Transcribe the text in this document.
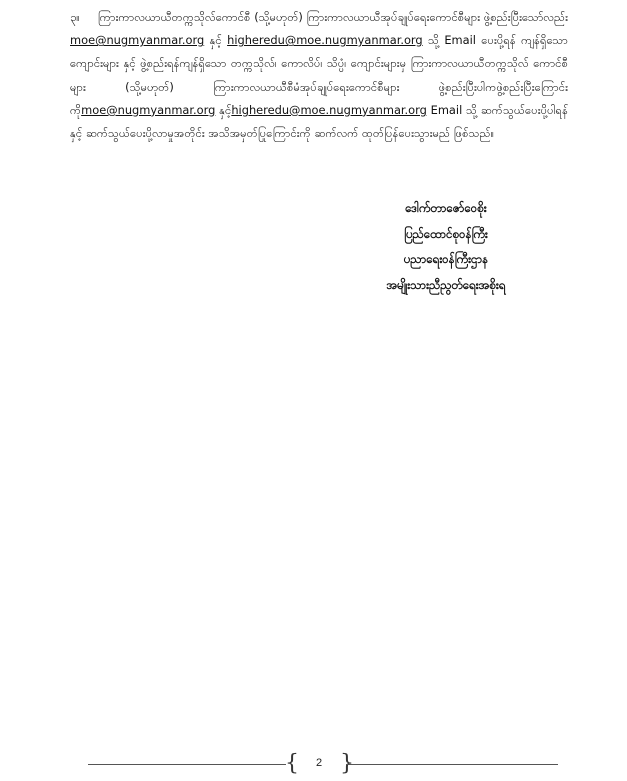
၃။ ကြားကာလယာယီတက္ကသိုလ်ကောင်စီ (သို့မဟုတ်) ကြားကာလယာယီအုပ်ချုပ်ရေးကောင်စီများ ဖွဲ့စည်းပြီးသော်လည်း moe@nugmyanmar.org နှင့် higheredu@moe.nugmyanmar.org သို့ Email ပေးပို့ရန် ကျန်ရှိသောကျောင်းများ နှင့် ဖွဲ့စည်းရန်ကျန်ရှိသော တက္ကသိုလ်၊ ကောလိပ်၊ သိပ္ပံ၊ ကျောင်းများမှ ကြားကာလယာယီတက္ကသိုလ် ကောင်စီများ (သို့မဟုတ်) ကြားကာလယာယီစီမံအုပ်ချုပ်ရေးကောင်စီများ ဖွဲ့စည်းပြီးပါကဖွဲ့စည်းပြီးကြောင်းကိုmoe@nugmyanmar.org နှင့်higheredu@moe.nugmyanmar.org Email သို့ ဆက်သွယ်ပေးပို့ပါရန်နှင့် ဆက်သွယ်ပေးပို့လာမှုအတိုင်း အသိအမှတ်ပြုကြောင်းကို ဆက်လက် ထုတ်ပြန်ပေးသွားမည် ဖြစ်သည်။
ဒေါက်တာဇော်ဝေစိုး
ပြည်ထောင်စုဝန်ကြီး
ပညာရေးဝန်ကြီးဌာန
အမျိုးသားညီညွတ်ရေးအစိုးရ
{	2 }
